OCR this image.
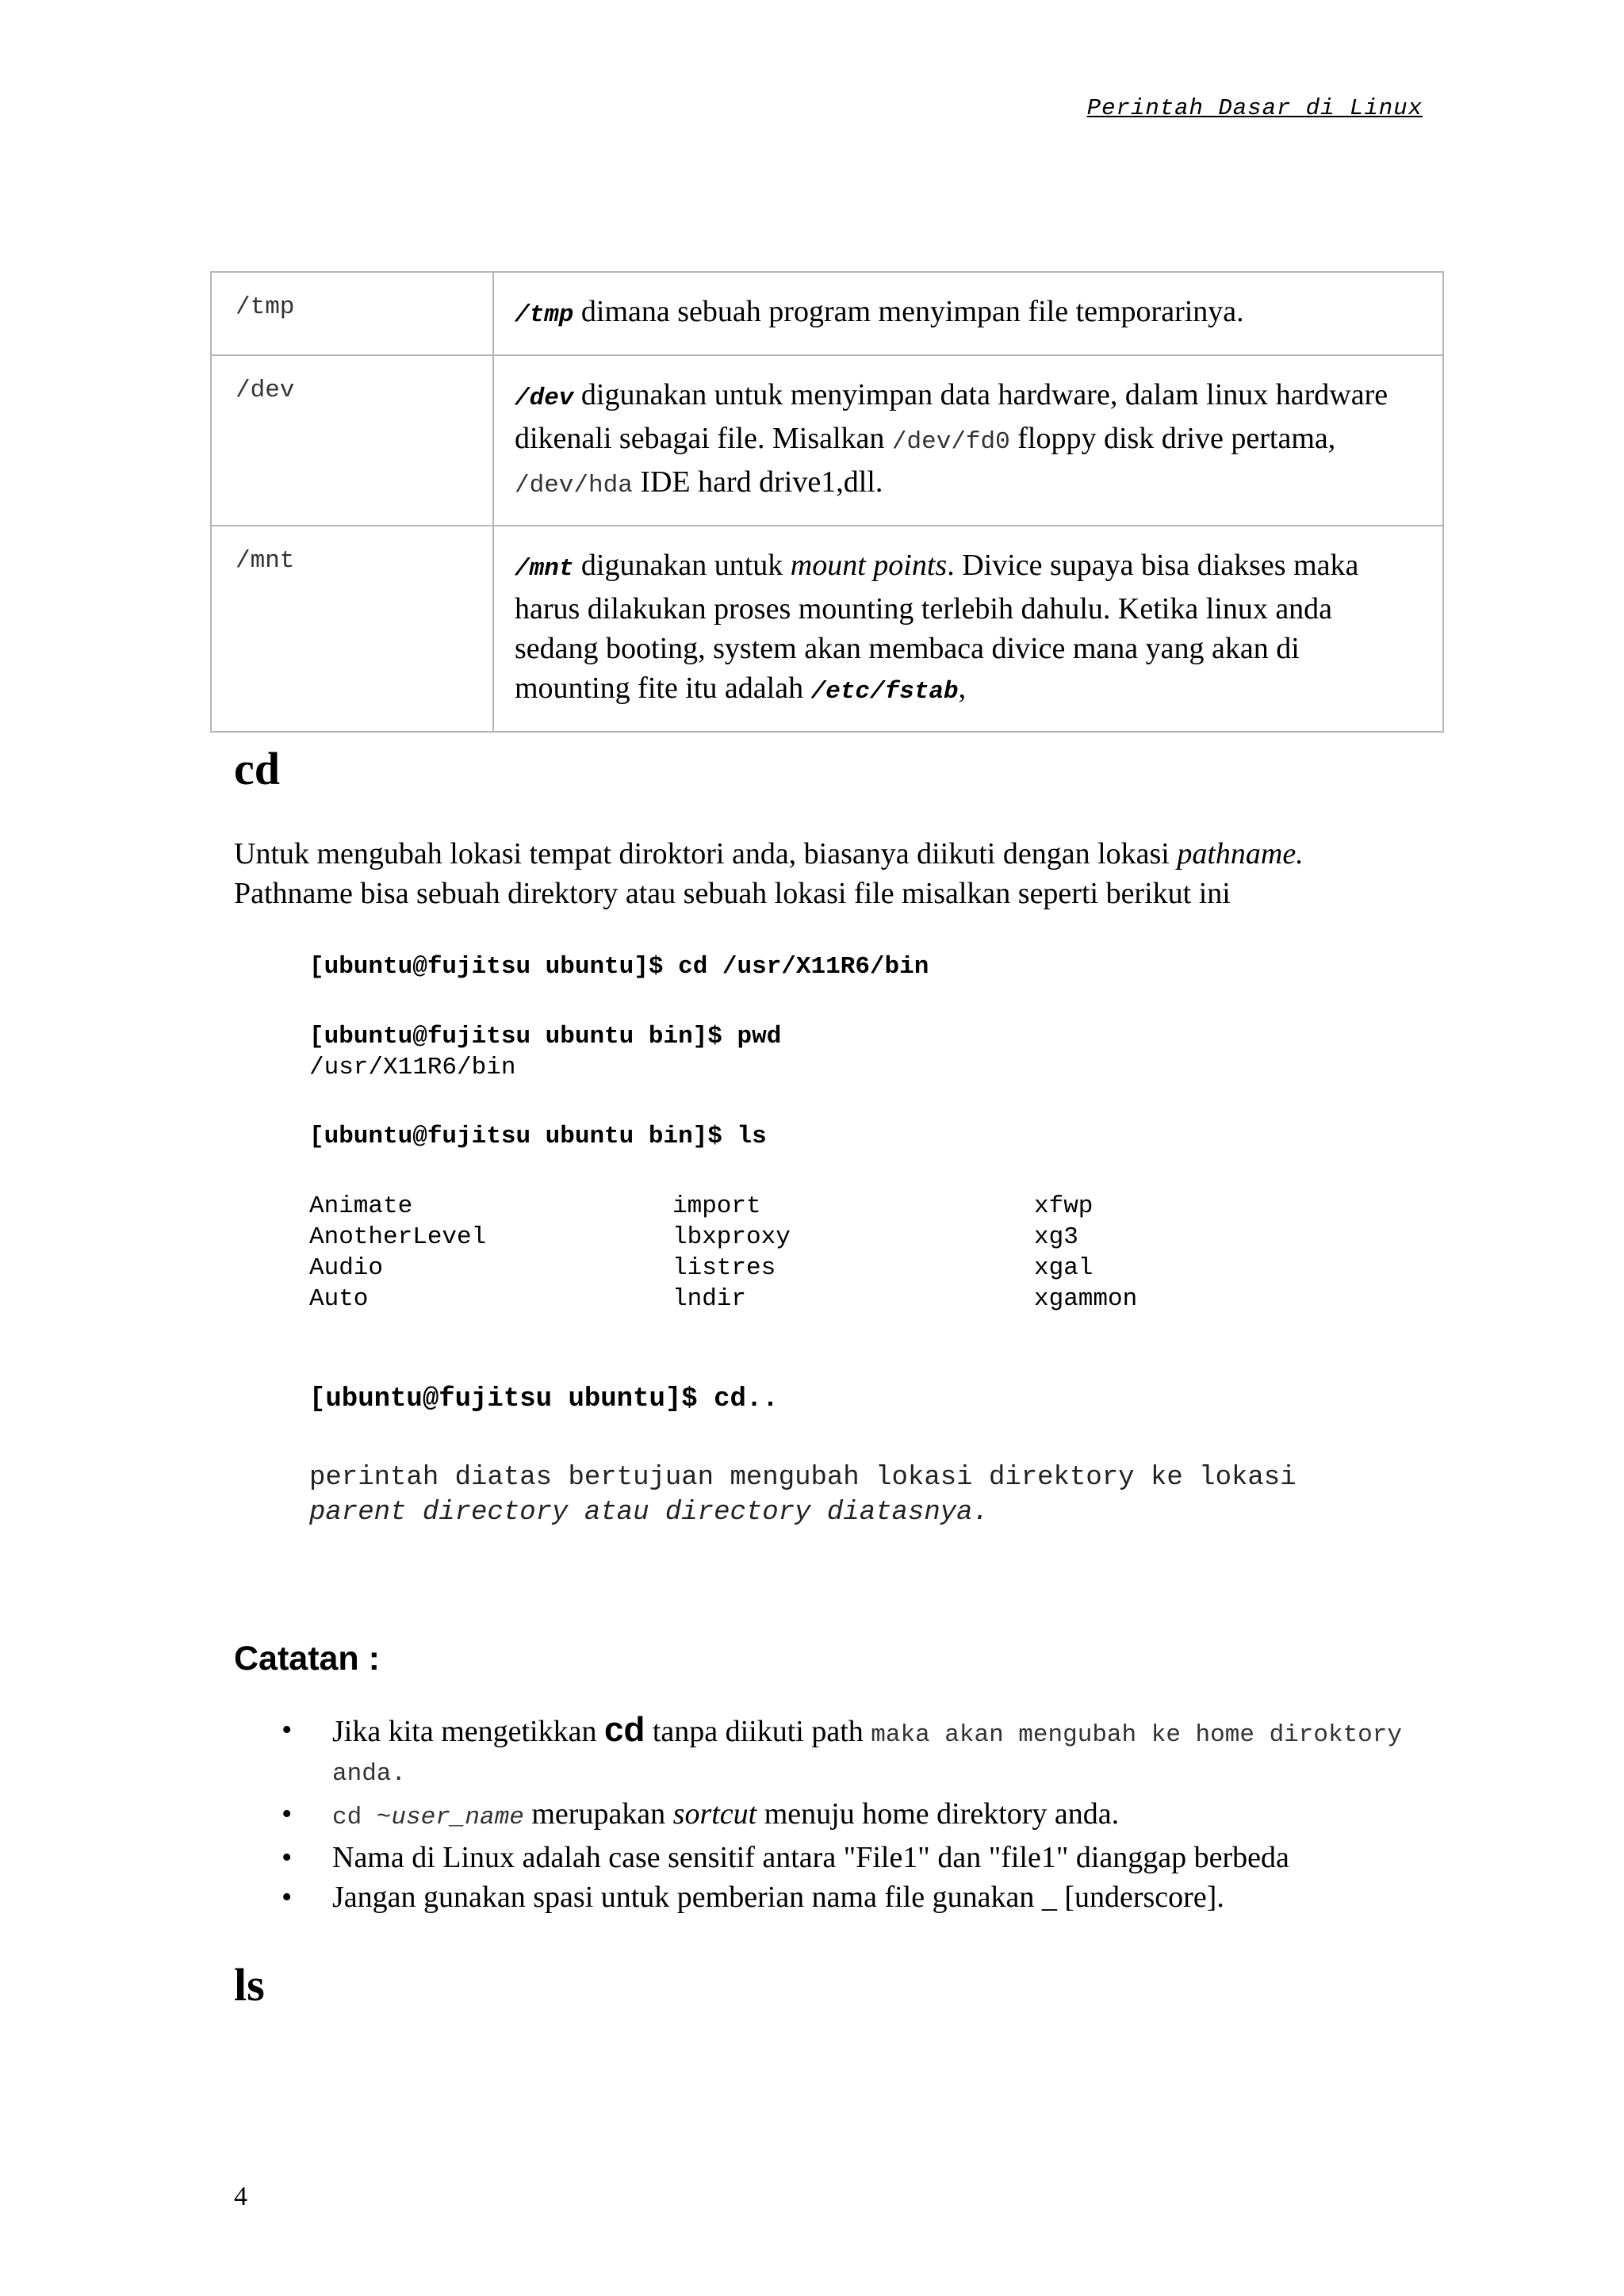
Perintah Dasar di Linux
/tmp	/tmp dimana sebuah program menyimpan file temporarinya.
/dev	/dev digunakan untuk menyimpan data hardware, dalam linux hardware dikenali sebagai file. Misalkan /dev/fd0 floppy disk drive pertama, /dev/hda IDE hard drive1,dll.
/mnt	/mnt digunakan untuk mount points. Divice supaya bisa diakses maka harus dilakukan proses mounting terlebih dahulu. Ketika linux anda sedang booting, system akan membaca divice mana yang akan di mounting fite itu adalah /etc/fstab,
cd
Untuk mengubah lokasi tempat diroktori anda, biasanya diikuti dengan lokasi pathname.
Pathname bisa sebuah direktory atau sebuah lokasi file misalkan seperti berikut ini
[ubuntu@fujitsu ubuntu]$ cd /usr/X11R6/bin
[ubuntu@fujitsu ubuntu bin]$ pwd
/usr/X11R6/bin
[ubuntu@fujitsu ubuntu bin]$ ls
Animate	import	xfwp
AnotherLevel	lbxproxy	xg3
Audio	listres	xgal
Auto	lndir	xgammon
[ubuntu@fujitsu ubuntu]$ cd..
perintah diatas bertujuan mengubah lokasi direktory ke lokasi
parent directory atau directory diatasnya.
Catatan :
• Jika kita mengetikkan cd tanpa diikuti path maka akan mengubah ke home diroktory anda.
• cd ~user_name merupakan sortcut menuju home direktory anda.
• Nama di Linux adalah case sensitif antara "File1" dan "file1" dianggap berbeda
• Jangan gunakan spasi untuk pemberian nama file gunakan _ [underscore].
ls
4
